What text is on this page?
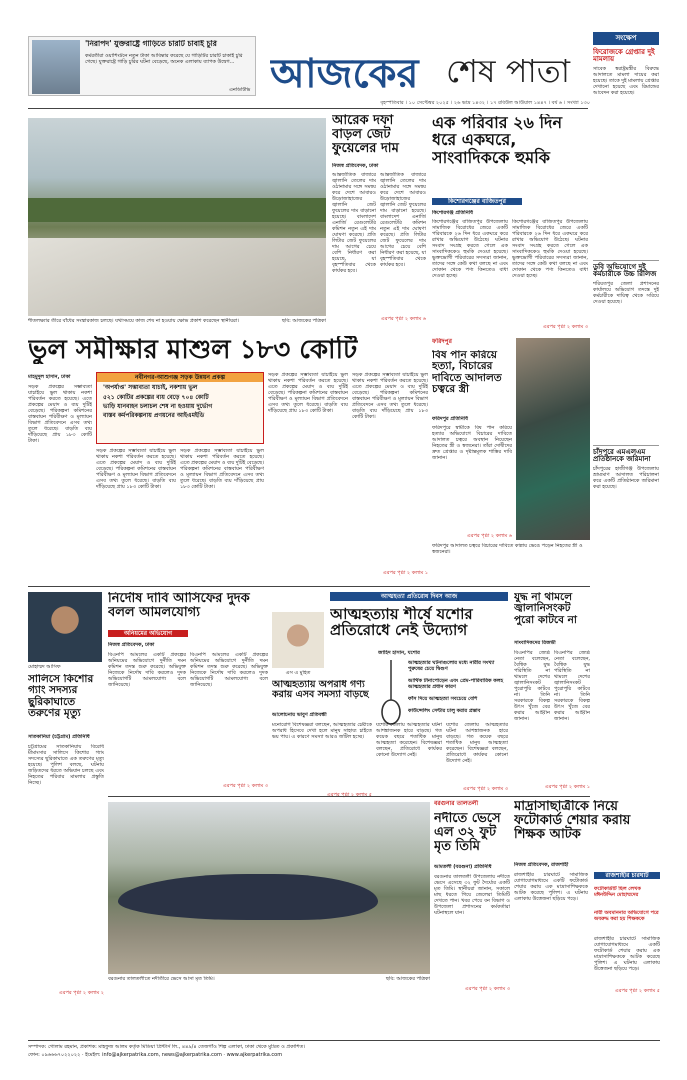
'নিরাপদ' যুক্তরাষ্ট্রে গাড়িতে চারটি চাবাই চুরি
কর্মরতীরা ওয়াশিংটনে নতুন টাকা আবিষ্কার করেছে যে গাড়িটির চারটি চাকাই চুরি গেছে। যুক্তরাষ্ট্রে গাড়ি চুরির ঘটনা বেড়েছে, অনেক এলাকায় ব্যাপক উদ্বেগ...
এনডিটিভি আজকের শেষ পাতা
বৃহস্পতিবার । ১০ সেপ্টেম্বর ২০২৫ । ২৬ ভাদ্র ১৪৩২ । ১৭ রবিউল আউয়াল ১৪৪৭ । বর্ষ ৬ । সংখ্যা ১৩০
সংক্ষেপ
ফিরোজকে গ্রেপ্তার দুই মামলায়
সাবেক স্বরাষ্ট্রমন্ত্রীর বিরুদ্ধে আদালতে মামলা দায়ের করা হয়েছে। তাকে দুই মামলায় গ্রেপ্তার দেখানো হয়েছে এবং রিমান্ডের আবেদন করা হয়েছে।
ডুবি অভিযোগে দুই কর্মচারীকে উচ্চ রিলিজ
শরিয়তপুর জেলা প্রশাসনের কার্যালয়ে অভিযোগ তদন্তে দুই কর্মচারীকে দায়িত্ব থেকে সরিয়ে দেওয়া হয়েছে।
চাঁদপুরে এমএলএম প্রতিষ্ঠানকে জরিমানা
চাঁদপুরের হাজীগঞ্জ উপজেলায় ভ্রাম্যমাণ আদালত পরিচালনা করে একটি প্রতিষ্ঠানকে জরিমানা করা হয়েছে।
শীতলক্ষ্যার তীরে বাঁধের সংস্কারকাজ চলছে। যথাসময়ে কাজ শেষ না হওয়ায় ক্ষোভ প্রকাশ করেছেন স্থানীয়রা।	ছবি: আজকের পত্রিকা
আরেক দফা বাড়ল জেট ফুয়েলের দাম
নিজস্ব প্রতিবেদক, ঢাকা
আন্তর্জাতিক বাজারে জ্বালানি তেলের দাম ওঠানামার সঙ্গে সমন্বয় করে দেশে আবারও উড়োজাহাজের জ্বালানি জেট ফুয়েলের দাম বাড়ানো হয়েছে। বাংলাদেশ এনার্জি রেগুলেটরি কমিশন নতুন এই দাম ঘোষণা করেছে। প্রতি লিটার জেট ফুয়েলের দাম আগের চেয়ে বেশি নির্ধারণ করা হয়েছে, যা বৃহস্পতিবার থেকে কার্যকর হবে।
আন্তর্জাতিক বাজারে জ্বালানি তেলের দাম ওঠানামার সঙ্গে সমন্বয় করে দেশে আবারও উড়োজাহাজের জ্বালানি জেট ফুয়েলের দাম বাড়ানো হয়েছে। বাংলাদেশ এনার্জি রেগুলেটরি কমিশন নতুন এই দাম ঘোষণা করেছে। প্রতি লিটার জেট ফুয়েলের দাম আগের চেয়ে বেশি নির্ধারণ করা হয়েছে, যা বৃহস্পতিবার থেকে কার্যকর হবে।
এরপর পৃষ্ঠা ২ কলাম ৬
এক পরিবার ২৬ দিন ধরে একঘরে, সাংবাদিককে হুমকি
কিশোরগঞ্জের বাজিতপুর
কিশোরগঞ্জ প্রতিনিধি
কিশোরগঞ্জের বাজিতপুর উপজেলায় সামাজিক বিরোধের জেরে একটি পরিবারকে ২৬ দিন ধরে একঘরে করে রাখার অভিযোগ উঠেছে। ঘটনার সংবাদ সংগ্রহ করতে গেলে এক সাংবাদিককেও হুমকি দেওয়া হয়েছে। ভুক্তভোগী পরিবারের সদস্যরা জানান, তাদের সঙ্গে কেউ কথা বলছে না এবং দোকান থেকে পণ্য কিনতেও বাধা দেওয়া হচ্ছে।
কিশোরগঞ্জের বাজিতপুর উপজেলায় সামাজিক বিরোধের জেরে একটি পরিবারকে ২৬ দিন ধরে একঘরে করে রাখার অভিযোগ উঠেছে। ঘটনার সংবাদ সংগ্রহ করতে গেলে এক সাংবাদিককেও হুমকি দেওয়া হয়েছে। ভুক্তভোগী পরিবারের সদস্যরা জানান, তাদের সঙ্গে কেউ কথা বলছে না এবং দোকান থেকে পণ্য কিনতেও বাধা দেওয়া হচ্ছে।
এরপর পৃষ্ঠা ২ কলাম ৩
ভুল সমীক্ষার মাশুল ১৮৩ কোটি
মাহমুদুল হাসান, ঢাকা
সড়ক প্রকল্পের সম্ভাব্যতা যাচাইয়ে ভুল থাকায় নকশা পরিবর্তন করতে হয়েছে। এতে প্রকল্পের মেয়াদ ও ব্যয় দুটিই বেড়েছে। পরিকল্পনা কমিশনের বাস্তবায়ন পরিবীক্ষণ ও মূল্যায়ন বিভাগ প্রতিবেদনে এসব তথ্য তুলে ধরেছে। বাড়তি ব্যয় দাঁড়িয়েছে প্রায় ১৮৩ কোটি টাকা।
নবীনগর-আশুগঞ্জ সড়ক উন্নয়ন প্রকল্প
'অপর্যাপ্ত' সম্ভাব্যতা যাচাই, নকশায় ভুল
৫২১ কোটির প্রকল্পের ব্যয় বেড়ে ৭০৪ কোটি
ভাড়ি যানবাহন চলাচল শেষ না হওয়ায় দুর্ভোগ
বাস্তব কর্মপরিকল্পনায় প্রণয়নের আইএমইডি
সড়ক প্রকল্পের সম্ভাব্যতা যাচাইয়ে ভুল থাকায় নকশা পরিবর্তন করতে হয়েছে। এতে প্রকল্পের মেয়াদ ও ব্যয় দুটিই বেড়েছে। পরিকল্পনা কমিশনের বাস্তবায়ন পরিবীক্ষণ ও মূল্যায়ন বিভাগ প্রতিবেদনে এসব তথ্য তুলে ধরেছে। বাড়তি ব্যয় দাঁড়িয়েছে প্রায় ১৮৩ কোটি টাকা।
সড়ক প্রকল্পের সম্ভাব্যতা যাচাইয়ে ভুল থাকায় নকশা পরিবর্তন করতে হয়েছে। এতে প্রকল্পের মেয়াদ ও ব্যয় দুটিই বেড়েছে। পরিকল্পনা কমিশনের বাস্তবায়ন পরিবীক্ষণ ও মূল্যায়ন বিভাগ প্রতিবেদনে এসব তথ্য তুলে ধরেছে। বাড়তি ব্যয় দাঁড়িয়েছে প্রায় ১৮৩ কোটি টাকা।
সড়ক প্রকল্পের সম্ভাব্যতা যাচাইয়ে ভুল থাকায় নকশা পরিবর্তন করতে হয়েছে। এতে প্রকল্পের মেয়াদ ও ব্যয় দুটিই বেড়েছে। পরিকল্পনা কমিশনের বাস্তবায়ন পরিবীক্ষণ ও মূল্যায়ন বিভাগ প্রতিবেদনে এসব তথ্য তুলে ধরেছে। বাড়তি ব্যয় দাঁড়িয়েছে প্রায় ১৮৩ কোটি টাকা।
সড়ক প্রকল্পের সম্ভাব্যতা যাচাইয়ে ভুল থাকায় নকশা পরিবর্তন করতে হয়েছে। এতে প্রকল্পের মেয়াদ ও ব্যয় দুটিই বেড়েছে। পরিকল্পনা কমিশনের বাস্তবায়ন পরিবীক্ষণ ও মূল্যায়ন বিভাগ প্রতিবেদনে এসব তথ্য তুলে ধরেছে। বাড়তি ব্যয় দাঁড়িয়েছে প্রায় ১৮৩ কোটি টাকা।
এরপর পৃষ্ঠা ২ কলাম ১
ফরিদপুর
বিষ পান করিয়ে হত্যা, বিচারের দাবিতে আদালত চত্বরে স্ত্রী
ফরিদপুর প্রতিনিধি
ফরিদপুরে স্বামীকে বিষ পান করিয়ে হত্যার অভিযোগে বিচারের দাবিতে আদালত চত্বরে অবস্থান নিয়েছেন নিহতের স্ত্রী ও স্বজনেরা। তাঁরা দোষীদের দ্রুত গ্রেপ্তার ও দৃষ্টান্তমূলক শাস্তির দাবি জানান।
এরপর পৃষ্ঠা ২ কলাম ৬
ফরিদপুর আদালত চত্বরে বিচারের দাবিতে কান্নায় ভেঙে পড়েন নিহতের স্ত্রী ও স্বজনেরা।
নির্দোষ দাবি আসিফের দুদক বলল আমলযোগ্য
অনিয়মের অভিযোগ
নিজস্ব প্রতিবেদক, ঢাকা
বিএনপি আমলের একটি প্রকল্পের অনিয়মের অভিযোগে দুর্নীতি দমন কমিশন তদন্ত শুরু করেছে। অভিযুক্ত নিজেকে নির্দোষ দাবি করলেও দুদক অভিযোগটি আমলযোগ্য বলে জানিয়েছে।
বিএনপি আমলের একটি প্রকল্পের অনিয়মের অভিযোগে দুর্নীতি দমন কমিশন তদন্ত শুরু করেছে। অভিযুক্ত নিজেকে নির্দোষ দাবি করলেও দুদক অভিযোগটি আমলযোগ্য বলে জানিয়েছে।
এরপর পৃষ্ঠা ২ কলাম ৩
মোহাম্মদ আসিফ
সালিসে কিশোর গ্যাং সদস্যর ছুরিকাঘাতে তরুণের মৃত্যু
সাতকানিয়া (চট্টগ্রাম) প্রতিনিধি
চট্টগ্রামের সাতকানিয়ায় বিরোধ মীমাংসার সালিসে কিশোর গ্যাং সদস্যের ছুরিকাঘাতে এক তরুণের মৃত্যু হয়েছে। পুলিশ বলছে, ঘটনায় জড়িতদের ধরতে অভিযান চলছে এবং নিহতের পরিবার মামলার প্রস্তুতি নিচ্ছে।
এরপর পৃষ্ঠা ২ কলাম ২
এস এ মুহিত
আত্মহত্যায় অপরাধ গণ্য করায় এসব সমস্যা বাড়ছে
আলোচনায় ভাবুণ প্রতিবন্ধী
মনোরোগ বিশেষজ্ঞরা বলছেন, আত্মহত্যার চেষ্টাকে অপরাধ হিসেবে দেখা হলে মানুষ সাহায্য চাইতে ভয় পায়। এ কারণে সমস্যা আরও জটিল হচ্ছে।
এরপর পৃষ্ঠা ২ কলাম ৫
আত্মহত্যা প্রতিরোধ দিবস আজ
আত্মহত্যায় শীর্ষে যশোর প্রতিরোধে নেই উদ্যোগ
জাহিদ হাসান, যশোর
আত্মহত্যার ঘটনাগুলোর মধ্যে নারীর সংখ্যা পুরুষের চেয়ে দ্বিগুণ
আর্থিক টানাপোড়েন এবং প্রেম-পারিবারিক কলহ আত্মহত্যার প্রধান কারণ
ফাঁস দিয়ে আত্মহত্যা সবচেয়ে বেশি
কাউন্সেলিং সেন্টার চালু করার প্রস্তাব
যশোর জেলায় আত্মহত্যার ঘটনা আশঙ্কাজনক হারে বাড়ছে। গত কয়েক বছরে শতাধিক মানুষ আত্মহত্যা করেছেন। বিশেষজ্ঞরা বলছেন, প্রতিরোধে কার্যকর কোনো উদ্যোগ নেই।
যশোর জেলায় আত্মহত্যার ঘটনা আশঙ্কাজনক হারে বাড়ছে। গত কয়েক বছরে শতাধিক মানুষ আত্মহত্যা করেছেন। বিশেষজ্ঞরা বলছেন, প্রতিরোধে কার্যকর কোনো উদ্যোগ নেই।
এরপর পৃষ্ঠা ২ কলাম ৩
যুদ্ধ না থামলে জ্বালানিসংকট পুরো কাটবে না
সাংবাদিকদের রিজভী
বিএনপির জ্যেষ্ঠ নেতা বলেছেন, বৈশ্বিক যুদ্ধ পরিস্থিতি না থামলে দেশের জ্বালানিসংকট পুরোপুরি কাটবে না। তিনি সরকারকে বিকল্প উৎস খুঁজে বের করার আহ্বান জানান।
বিএনপির জ্যেষ্ঠ নেতা বলেছেন, বৈশ্বিক যুদ্ধ পরিস্থিতি না থামলে দেশের জ্বালানিসংকট পুরোপুরি কাটবে না। তিনি সরকারকে বিকল্প উৎস খুঁজে বের করার আহ্বান জানান।
এরপর পৃষ্ঠা ২ কলাম ১
বরগুনার তালতলীতে নদীতীরে ভেসে আসা মৃত তিমি।	ছবি: আজকের পত্রিকা
বরগুনার তালতলী
নদীতে ভেসে এল ৩২ ফুট মৃত তিমি
আমতলী (বরগুনা) প্রতিনিধি
বরগুনার তালতলী উপজেলায় নদীতে ভেসে এসেছে ৩২ ফুট দৈর্ঘ্যের একটি মৃত তিমি। স্থানীয়রা জানান, সকালে মাছ ধরতে গিয়ে জেলেরা তিমিটি দেখতে পান। খবর পেয়ে বন বিভাগ ও উপজেলা প্রশাসনের কর্মকর্তারা ঘটনাস্থলে যান।
এরপর পৃষ্ঠা ২ কলাম ৩
মাদ্রাসাছাত্রীকে নিয়ে ফটোকার্ড শেয়ার করায় শিক্ষক আটক
নিজস্ব প্রতিবেদক, রাজশাহী
রাজশাহীর চারঘাটে সামাজিক যোগাযোগমাধ্যমে একটি ফটোকার্ড শেয়ার করায় এক মাদ্রাসাশিক্ষককে আটক করেছে পুলিশ। এ ঘটনায় এলাকায় উত্তেজনা ছড়িয়ে পড়ে।
রাজশাহীর চারঘাট
ফটোকার্ডটি ছিল লেখক মঈনউদ্দিন মোহাম্মদের
নারী অবমাননার অভিযোগে পরে অবরুদ্ধ করা হয় শিক্ষককে
রাজশাহীর চারঘাটে সামাজিক যোগাযোগমাধ্যমে একটি ফটোকার্ড শেয়ার করায় এক মাদ্রাসাশিক্ষককে আটক করেছে পুলিশ। এ ঘটনায় এলাকায় উত্তেজনা ছড়িয়ে পড়ে।
এরপর পৃষ্ঠা ২ কলাম ৫
সম্পাদক: গোলাম রহমান, প্রকাশক: মাহফুজ আলম কর্তৃক মিডিয়া প্রিন্টার্স লি., ৪৪৯/৪ তেজগাঁও শিল্প এলাকা, ঢাকা থেকে মুদ্রিত ও প্রকাশিত।
ফোন: ০৯৬৬৬৭০২২০২২ · ইমেইল: info@ajkerpatrika.com, news@ajkerpatrika.com · www.ajkerpatrika.com
